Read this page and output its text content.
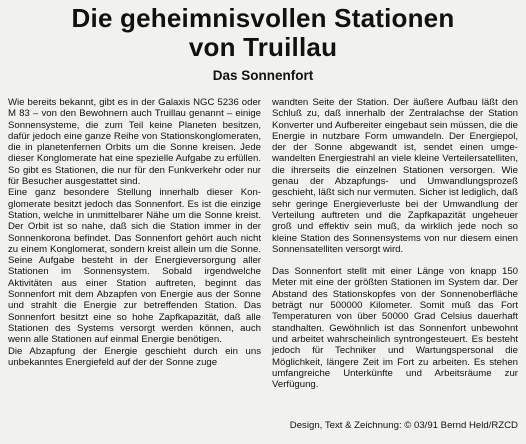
Die geheimnisvollen Stationen
von Truillau
Das Sonnenfort

Wie bereits bekannt, gibt es in der Galaxis NGC 5236 oder M 83 – von den Bewohnern auch Truillau genannt – einige Sonnensysteme, die zum Teil keine Planeten besitzen, dafür jedoch eine ganze Reihe von Stationskonglomeraten, die in planetenfernen Orbits um die Sonne kreisen. Jede dieser Konglomerate hat eine spezielle Aufgabe zu erfüllen. So gibt es Stationen, die nur für den Funkverkehr oder nur für Besucher ausgestattet sind.

Eine ganz besondere Stellung innerhalb dieser Konglomerate besitzt jedoch das Sonnenfort. Es ist die einzige Station, welche in unmittelbarer Nähe um die Sonne kreist. Der Orbit ist so nahe, daß sich die Station immer in der Sonnenkorona befindet. Das Sonnenfort gehört auch nicht zu einem Konglomerat, sondern kreist allein um die Sonne. Seine Aufgabe besteht in der Energieversorgung aller Stationen im Sonnensystem. Sobald irgendwelche Aktivitäten aus einer Station auftreten, beginnt das Sonnenfort mit dem Abzapfen von Energie aus der Sonne und strahlt die Energie zur betreffenden Station. Das Sonnenfort besitzt eine so hohe Zapfkapazität, daß alle Stationen des Systems versorgt werden können, auch wenn alle Stationen auf einmal Energie benötigen.

Die Abzapfung der Energie geschieht durch ein uns unbekanntes Energiefeld auf der der Sonne zuge

wandten Seite der Station. Der äußere Aufbau läßt den Schluß zu, daß innerhalb der Zentralachse der Station Konverter und Aufbereiter eingebaut sein müssen, die die Energie in nutzbare Form umwandeln. Der Energiepol, der der Sonne abgewandt ist, sendet einen umgewandelten Energiestrahl an viele kleine Verteilersatelliten, die ihrerseits die einzelnen Stationen versorgen. Wie genau der Abzapfungs- und Umwandlungsprozeß geschieht, läßt sich nur vermuten. Sicher ist lediglich, daß sehr geringe Energieverluste bei der Umwandlung der Verteilung auftreten und die Zapfkapazität ungeheuer groß und effektiv sein muß, da wirklich jede noch so kleine Station des Sonnensystems von nur diesem einen Sonnensatelliten versorgt wird.

Das Sonnenfort stellt mit einer Länge von knapp 150 Meter mit eine der größten Stationen im System dar. Der Abstand des Stationskopfes von der Sonnenoberfläche beträgt nur 500000 Kilometer. Somit muß das Fort Temperaturen von über 50000 Grad Celsius dauerhaft standhalten. Gewöhnlich ist das Sonnenfort unbewohnt und arbeitet wahrscheinlich syntrongesteuert. Es besteht jedoch für Techniker und Wartungspersonal die Möglichkeit, längere Zeit im Fort zu arbeiten. Es stehen umfangreiche Unterkünfte und Arbeitsräume zur Verfügung.

Design, Text & Zeichnung: © 03/91 Bernd Held/RZCD
